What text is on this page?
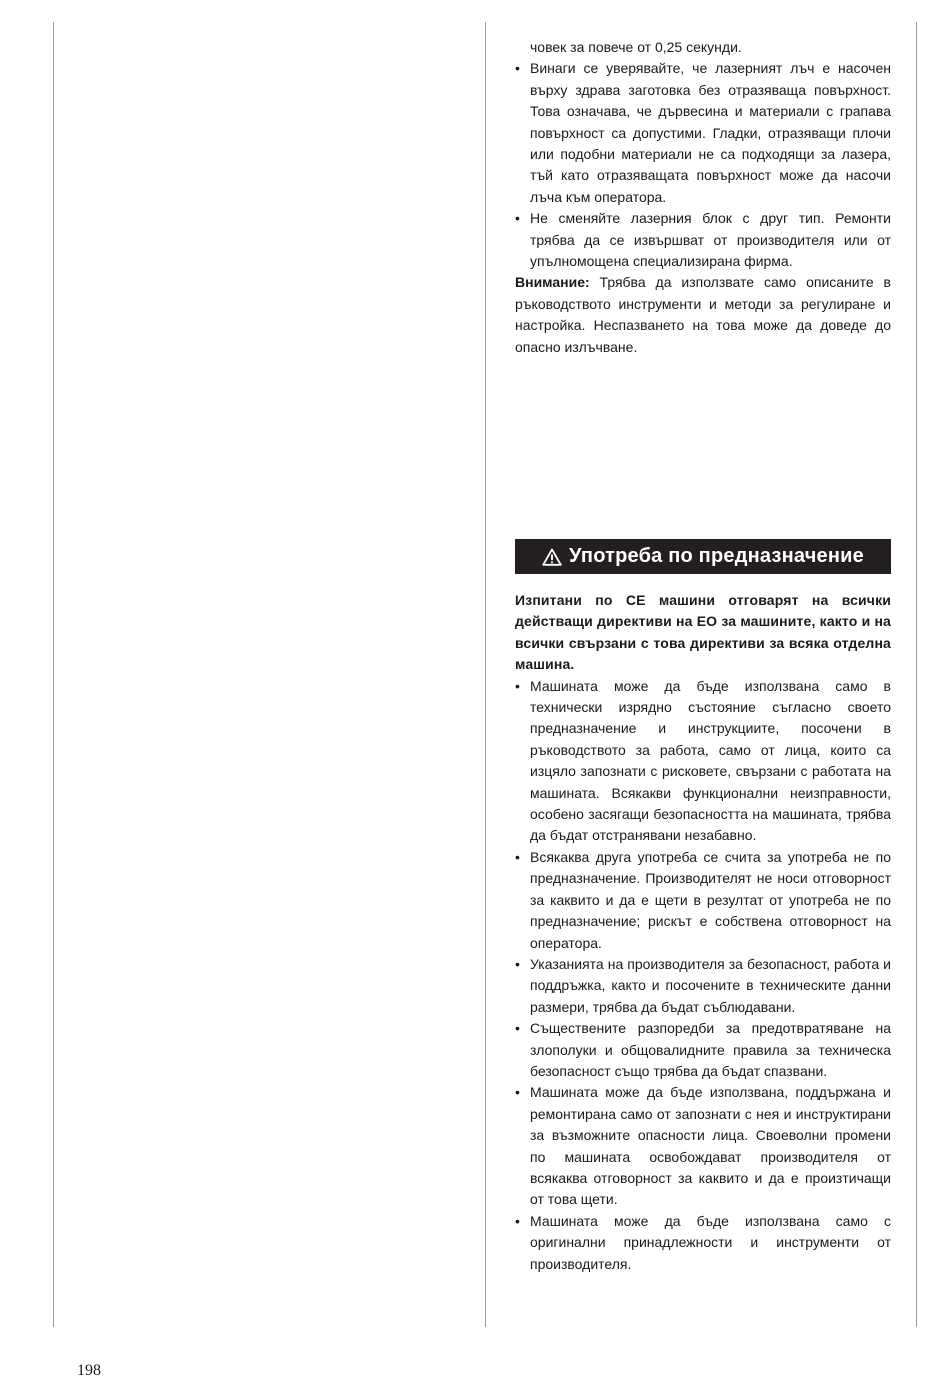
човек за повече от 0,25 секунди.

• Винаги се уверявайте, че лазерният лъч е насочен върху здрава заготовка без отразяваща повърхност. Това означава, че дървесина и материали с грапава повърхност са допустими. Гладки, отразяващи плочи или подобни материали не са подходящи за лазера, тъй като отразяващата повърхност може да насочи лъча към оператора.

• Не сменяйте лазерния блок с друг тип. Ремонти трябва да се извършват от производителя или от упълномощена специализирана фирма.

Внимание: Трябва да използвате само описаните в ръководството инструменти и методи за регулиране и настройка. Неспазването на това може да доведе до опасно излъчване.

Употреба по предназначение

Изпитани по CE машини отговарят на всички действащи директиви на ЕО за машините, както и на всички свързани с това директиви за всяка отделна машина.

• Машината може да бъде използвана само в технически изрядно състояние съгласно своето предназначение и инструкциите, посочени в ръководството за работа, само от лица, които са изцяло запознати с рисковете, свързани с работата на машината. Всякакви функционални неизправности, особено засягащи безопасността на машината, трябва да бъдат отстранявани незабавно.

• Всякаква друга употреба се счита за употреба не по предназначение. Производителят не носи отговорност за каквито и да е щети в резултат от употреба не по предназначение; рискът е собствена отговорност на оператора.

• Указанията на производителя за безопасност, работа и поддръжка, както и посочените в техническите данни размери, трябва да бъдат съблюдавани.

• Съществените разпоредби за предотвратяване на злополуки и общовалидните правила за техническа безопасност също трябва да бъдат спазвани.

• Машината може да бъде използвана, поддържана и ремонтирана само от запознати с нея и инструктирани за възможните опасности лица. Своеволни промени по машината освобождават производителя от всякаква отговорност за каквито и да е произтичащи от това щети.

• Машината може да бъде използвана само с оригинални принадлежности и инструменти от производителя.

198
